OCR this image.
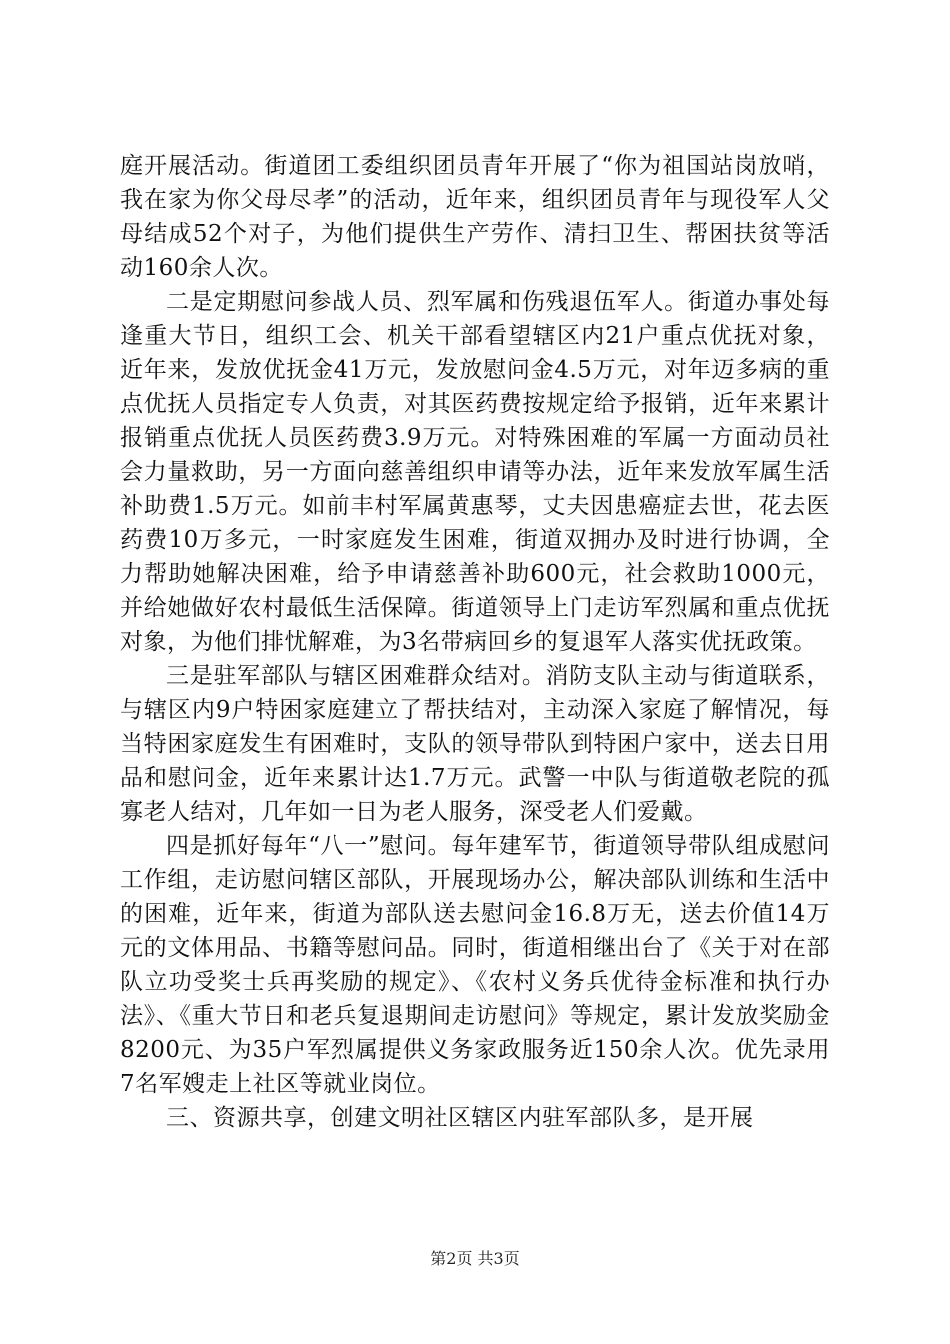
庭开展活动。街道团工委组织团员青年开展了“你为祖国站岗放哨，我在家为你父母尽孝”的活动，近年来，组织团员青年与现役军人父母结成52个对子，为他们提供生产劳作、清扫卫生、帮困扶贫等活动160余人次。

二是定期慰问参战人员、烈军属和伤残退伍军人。街道办事处每逢重大节日，组织工会、机关干部看望辖区内21户重点优抚对象，近年来，发放优抚金41万元，发放慰问金4.5万元，对年迈多病的重点优抚人员指定专人负责，对其医药费按规定给予报销，近年来累计报销重点优抚人员医药费3.9万元。对特殊困难的军属一方面动员社会力量救助，另一方面向慈善组织申请等办法，近年来发放军属生活补助费1.5万元。如前丰村军属黄惠琴，丈夫因患癌症去世，花去医药费10万多元，一时家庭发生困难，街道双拥办及时进行协调，全力帮助她解决困难，给予申请慈善补助600元，社会救助1000元，并给她做好农村最低生活保障。街道领导上门走访军烈属和重点优抚对象，为他们排忧解难，为3名带病回乡的复退军人落实优抚政策。

三是驻军部队与辖区困难群众结对。消防支队主动与街道联系，与辖区内9户特困家庭建立了帮扶结对，主动深入家庭了解情况，每当特困家庭发生有困难时，支队的领导带队到特困户家中，送去日用品和慰问金，近年来累计达1.7万元。武警一中队与街道敬老院的孤寡老人结对，几年如一日为老人服务，深受老人们爱戴。

四是抓好每年“八一”慰问。每年建军节，街道领导带队组成慰问工作组，走访慰问辖区部队，开展现场办公，解决部队训练和生活中的困难，近年来，街道为部队送去慰问金16.8万无，送去价值14万元的文体用品、书籍等慰问品。同时，街道相继出台了《关于对在部队立功受奖士兵再奖励的规定》、《农村义务兵优待金标准和执行办法》、《重大节日和老兵复退期间走访慰问》等规定，累计发放奖励金8200元、为35户军烈属提供义务家政服务近150余人次。优先录用7名军嫂走上社区等就业岗位。

三、资源共享，创建文明社区辖区内驻军部队多，是开展

第2页 共3页
